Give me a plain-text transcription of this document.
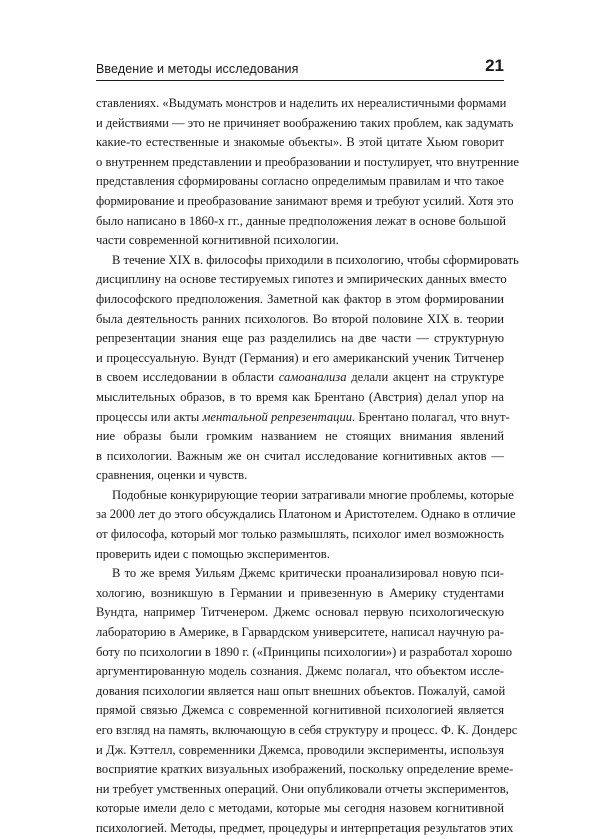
Введение и методы исследования	21
ставлениях. «Выдумать монстров и наделить их нереалистичными формами
и действиями — это не причиняет воображению таких проблем, как задумать
какие-то естественные и знакомые объекты». В этой цитате Хьюм говорит
о внутреннем представлении и преобразовании и постулирует, что внутренние
представления сформированы согласно определимым правилам и что такое
формирование и преобразование занимают время и требуют усилий. Хотя это
было написано в 1860-х гг., данные предположения лежат в основе большой
части современной когнитивной психологии.
В течение XIX в. философы приходили в психологию, чтобы сформировать
дисциплину на основе тестируемых гипотез и эмпирических данных вместо
философского предположения. Заметной как фактор в этом формировании
была деятельность ранних психологов. Во второй половине XIX в. теории
репрезентации знания еще раз разделились на две части — структурную
и процессуальную. Вундт (Германия) и его американский ученик Титченер
в своем исследовании в области самоанализа делали акцент на структуре
мыслительных образов, в то время как Брентано (Австрия) делал упор на
процессы или акты ментальной репрезентации. Брентано полагал, что внут-
ние образы были громким названием не стоящих внимания явлений
в психологии. Важным же он считал исследование когнитивных актов —
сравнения, оценки и чувств.
Подобные конкурирующие теории затрагивали многие проблемы, которые
за 2000 лет до этого обсуждались Платоном и Аристотелем. Однако в отличие
от философа, который мог только размышлять, психолог имел возможность
проверить идеи с помощью экспериментов.
В то же время Уильям Джемс критически проанализировал новую пси-
хологию, возникшую в Германии и привезенную в Америку студентами
Вундта, например Титченером. Джемс основал первую психологическую
лабораторию в Америке, в Гарвардском университете, написал научную ра-
боту по психологии в 1890 г. («Принципы психологии») и разработал хорошо
аргументированную модель сознания. Джемс полагал, что объектом иссле-
дования психологии является наш опыт внешних объектов. Пожалуй, самой
прямой связью Джемса с современной когнитивной психологией является
его взгляд на память, включающую в себя структуру и процесс. Ф. К. Дондерс
и Дж. Кэттелл, современники Джемса, проводили эксперименты, используя
восприятие кратких визуальных изображений, поскольку определение време-
ни требует умственных операций. Они опубликовали отчеты экспериментов,
которые имели дело с методами, которые мы сегодня назовем когнитивной
психологией. Методы, предмет, процедуры и интерпретация результатов этих
